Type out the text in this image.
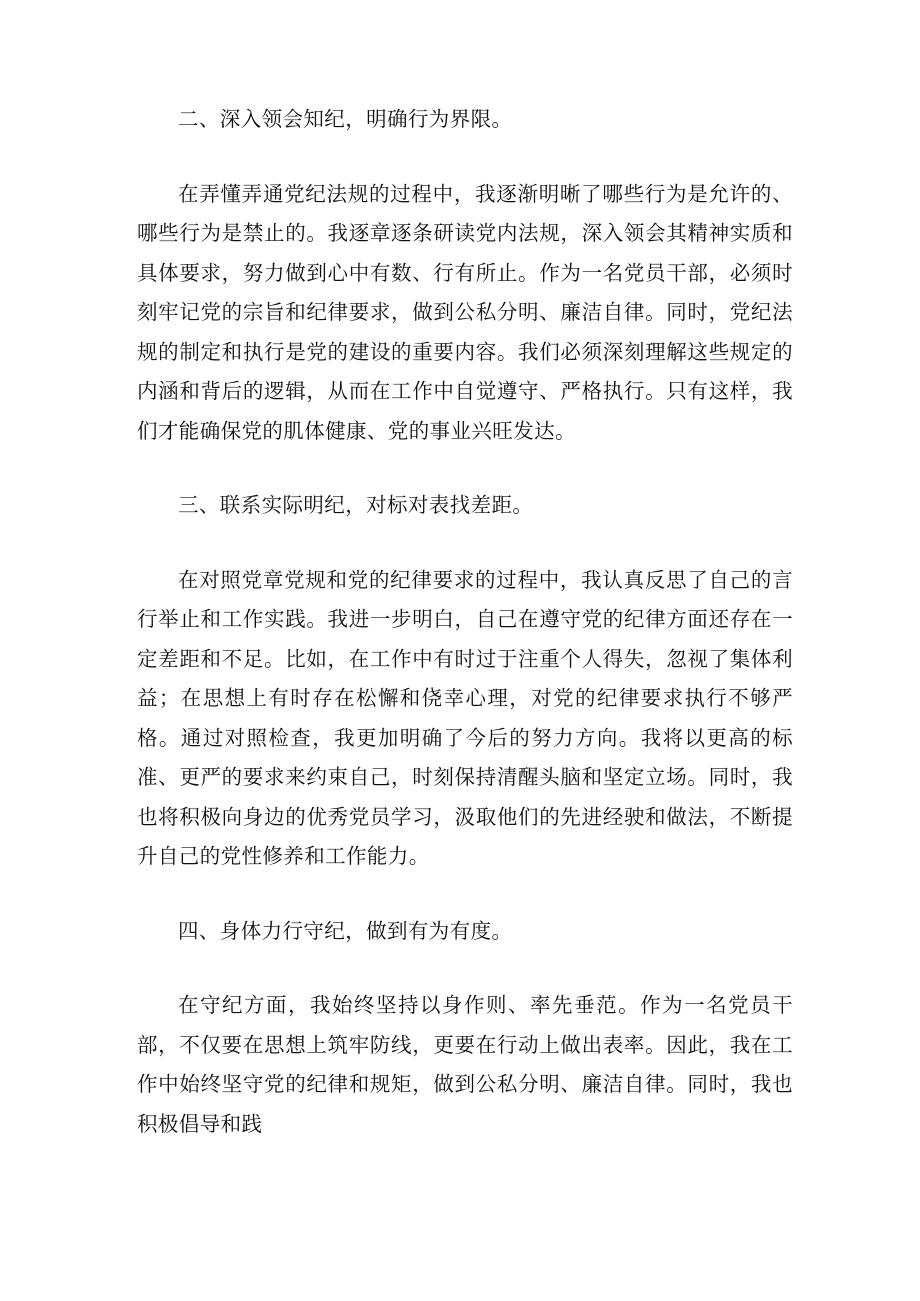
二、深入领会知纪，明确行为界限。

在弄懂弄通党纪法规的过程中，我逐渐明晰了哪些行为是允许的、哪些行为是禁止的。我逐章逐条研读党内法规，深入领会其精神实质和具体要求，努力做到心中有数、行有所止。作为一名党员干部，必须时刻牢记党的宗旨和纪律要求，做到公私分明、廉洁自律。同时，党纪法规的制定和执行是党的建设的重要内容。我们必须深刻理解这些规定的内涵和背后的逻辑，从而在工作中自觉遵守、严格执行。只有这样，我们才能确保党的肌体健康、党的事业兴旺发达。

三、联系实际明纪，对标对表找差距。

在对照党章党规和党的纪律要求的过程中，我认真反思了自己的言行举止和工作实践。我进一步明白，自己在遵守党的纪律方面还存在一定差距和不足。比如，在工作中有时过于注重个人得失，忽视了集体利益；在思想上有时存在松懈和侥幸心理，对党的纪律要求执行不够严格。通过对照检查，我更加明确了今后的努力方向。我将以更高的标准、更严的要求来约束自己，时刻保持清醒头脑和坚定立场。同时，我也将积极向身边的优秀党员学习，汲取他们的先进经驶和做法，不断提升自己的党性修养和工作能力。

四、身体力行守纪，做到有为有度。

在守纪方面，我始终坚持以身作则、率先垂范。作为一名党员干部，不仅要在思想上筑牢防线，更要在行动上做出表率。因此，我在工作中始终坚守党的纪律和规矩，做到公私分明、廉洁自律。同时，我也积极倡导和践
